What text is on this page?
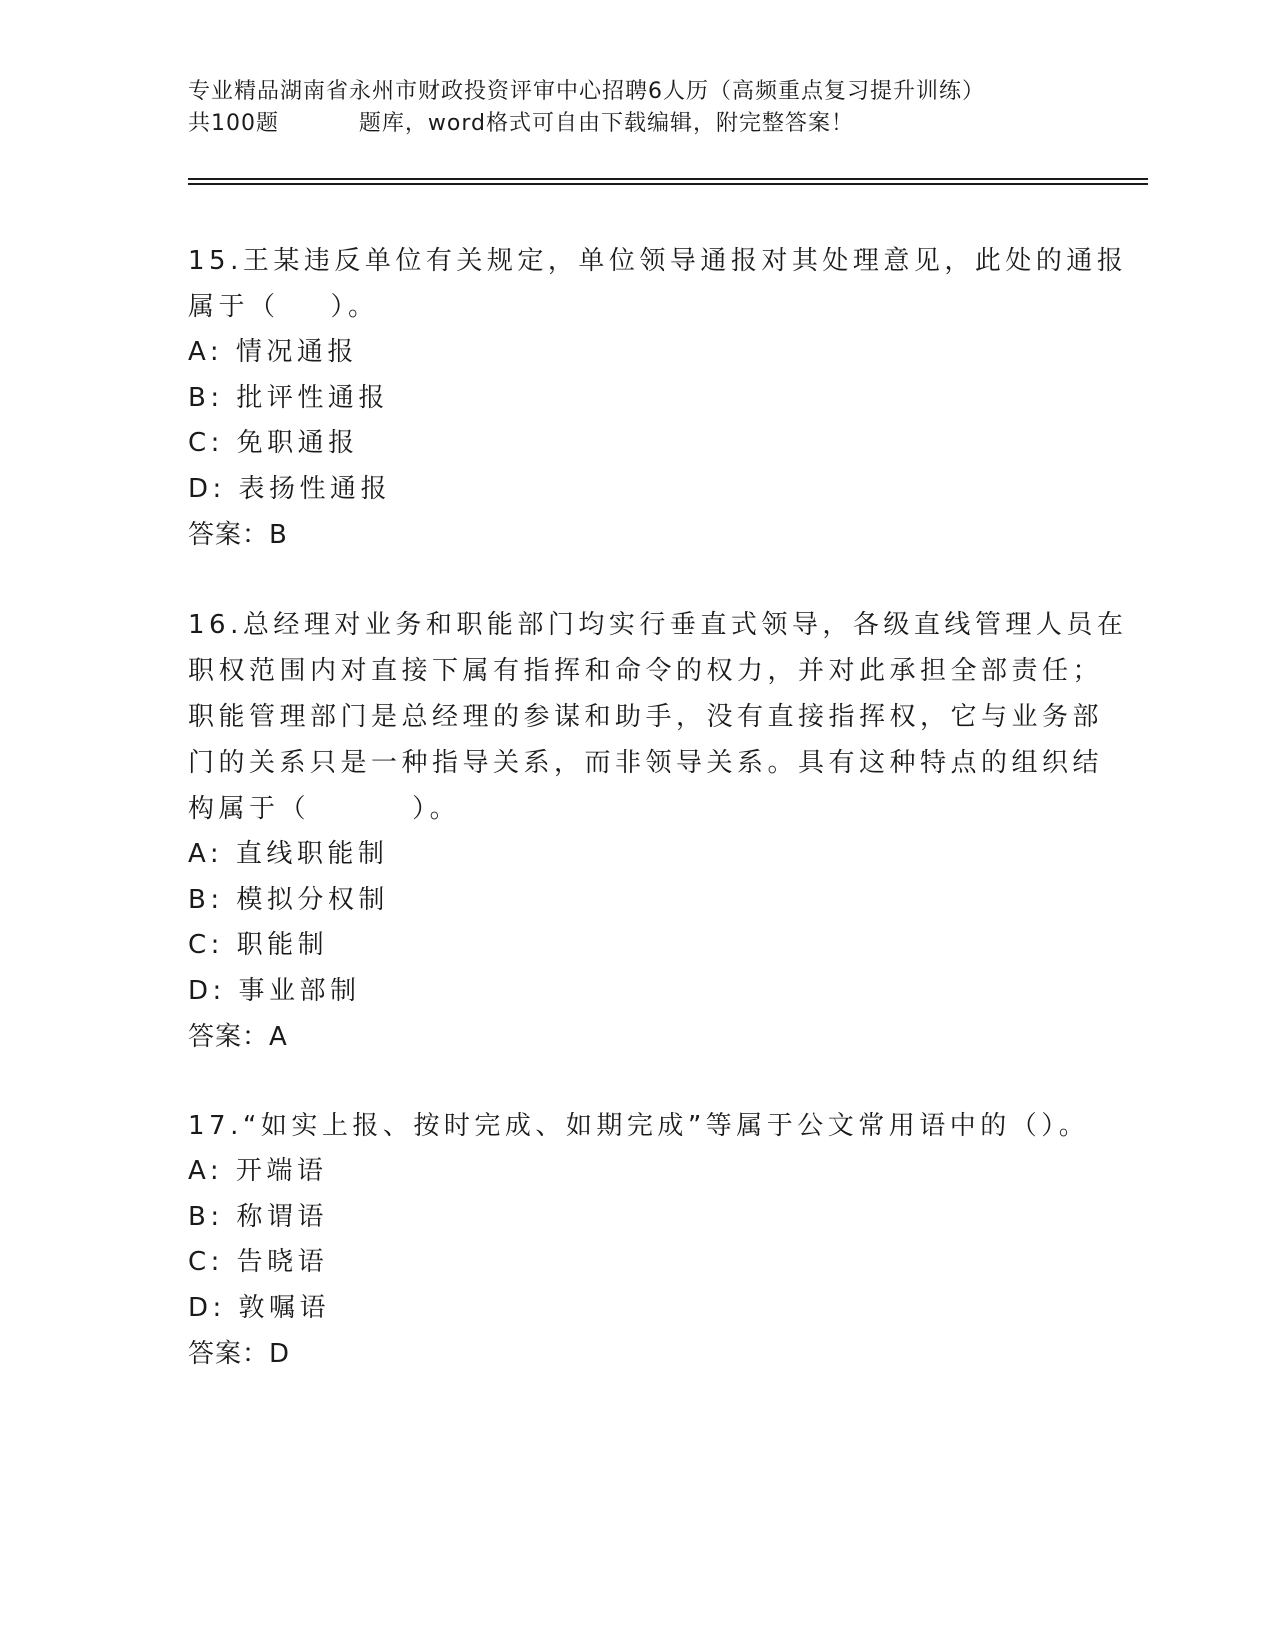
专业精品湖南省永州市财政投资评审中心招聘6人历（高频重点复习提升训练）
共100题          题库，word格式可自由下载编辑，附完整答案！
15.王某违反单位有关规定，单位领导通报对其处理意见，此处的通报
属于（    ）。
A: 情况通报
B: 批评性通报
C: 免职通报
D: 表扬性通报
答案：B
16.总经理对业务和职能部门均实行垂直式领导，各级直线管理人员在
职权范围内对直接下属有指挥和命令的权力，并对此承担全部责任；
职能管理部门是总经理的参谋和助手，没有直接指挥权，它与业务部
门的关系只是一种指导关系，而非领导关系。具有这种特点的组织结
构属于（        ）。
A: 直线职能制
B: 模拟分权制
C: 职能制
D: 事业部制
答案：A
17.“如实上报、按时完成、如期完成”等属于公文常用语中的（）。
A: 开端语
B: 称谓语
C: 告晓语
D: 敦嘱语
答案：D
